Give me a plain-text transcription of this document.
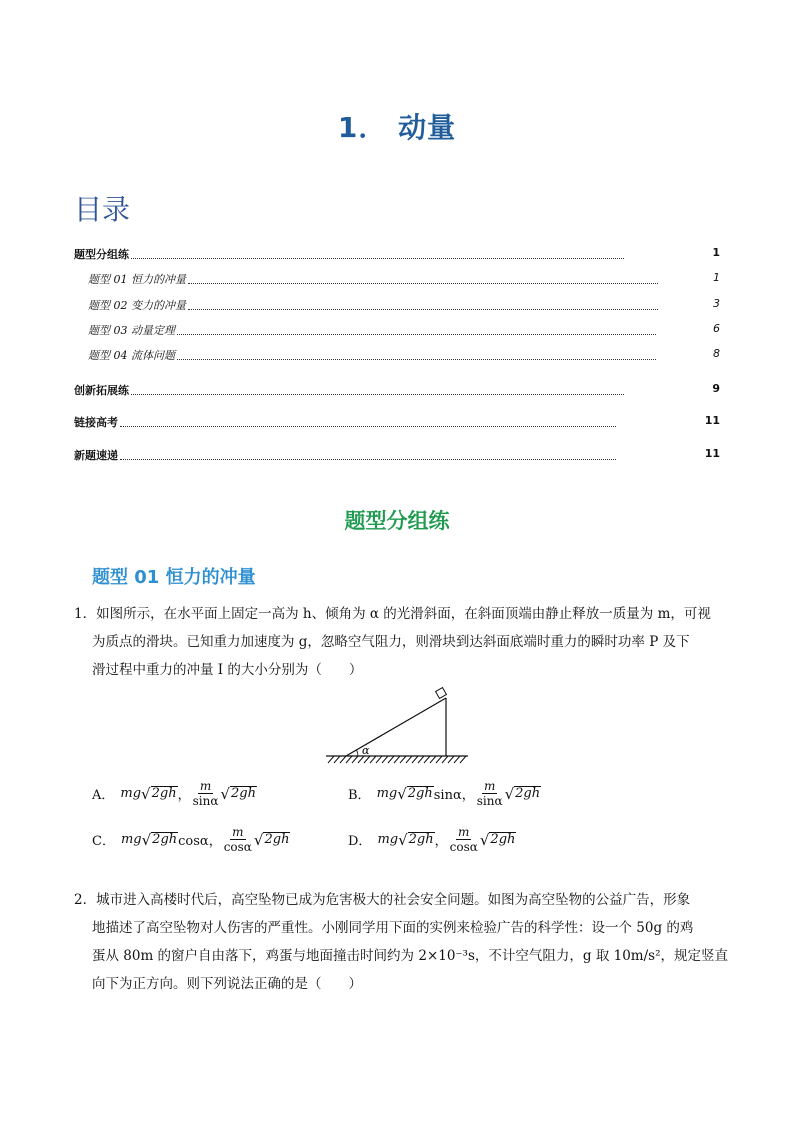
1． 动量
目录
题型分组练	1
题型 01 恒力的冲量	1
题型 02 变力的冲量	3
题型 03 动量定理	6
题型 04 流体问题	8
创新拓展练	9
链接高考	11
新题速递	11
题型分组练
题型 01 恒力的冲量
1．如图所示，在水平面上固定一高为 h、倾角为 α 的光滑斜面，在斜面顶端由静止释放一质量为 m，可视
为质点的滑块。已知重力加速度为 g，忽略空气阻力，则滑块到达斜面底端时重力的瞬时功率 P 及下
滑过程中重力的冲量 I 的大小分别为（　　）
α
A． mg √ 2gh ， $\frac{m}{\sin\alpha}$ √ 2gh	B． mg √ 2gh sinα， $\frac{m}{\sin\alpha}$ √ 2gh
C． mg √ 2gh cosα， $\frac{m}{\cos\alpha}$ √ 2gh	D． mg √ 2gh ， $\frac{m}{\cos\alpha}$ √ 2gh
2．城市进入高楼时代后，高空坠物已成为危害极大的社会安全问题。如图为高空坠物的公益广告，形象
地描述了高空坠物对人伤害的严重性。小刚同学用下面的实例来检验广告的科学性：设一个 50g 的鸡
蛋从 80m 的窗户自由落下，鸡蛋与地面撞击时间约为 2×10⁻³s，不计空气阻力，g 取 10m/s²，规定竖直
向下为正方向。则下列说法正确的是（　　）
